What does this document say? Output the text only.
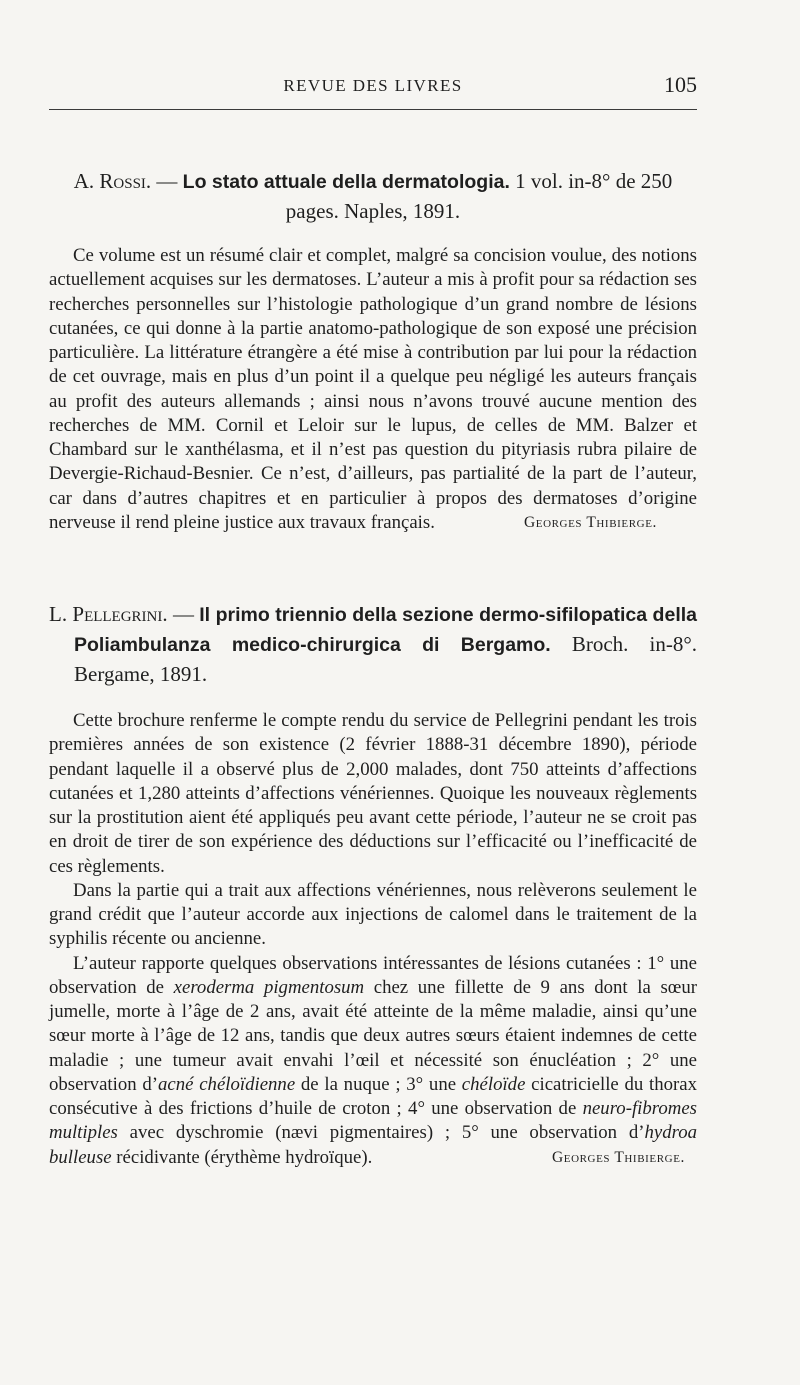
REVUE DES LIVRES	105
A. Rossi. — Lo stato attuale della dermatologia. 1 vol. in-8° de 250 pages. Naples, 1891.

Ce volume est un résumé clair et complet, malgré sa concision voulue, des notions actuellement acquises sur les dermatoses. L’auteur a mis à profit pour sa rédaction ses recherches personnelles sur l’histologie pathologique d’un grand nombre de lésions cutanées, ce qui donne à la partie anatomo-pathologique de son exposé une précision particulière. La littérature étrangère a été mise à contribution par lui pour la rédaction de cet ouvrage, mais en plus d’un point il a quelque peu négligé les auteurs français au profit des auteurs allemands ; ainsi nous n’avons trouvé aucune mention des recherches de MM. Cornil et Leloir sur le lupus, de celles de MM. Balzer et Chambard sur le xanthélasma, et il n’est pas question du pityriasis rubra pilaire de Devergie-Richaud-Besnier. Ce n’est, d’ailleurs, pas partialité de la part de l’auteur, car dans d’autres chapitres et en particulier à propos des dermatoses d’origine nerveuse il rend pleine justice aux travaux français.	Georges Thibierge.

L. Pellegrini. — Il primo triennio della sezione dermo-sifilopatica della Poliambulanza medico-chirurgica di Bergamo. Broch. in-8°. Bergame, 1891.

Cette brochure renferme le compte rendu du service de Pellegrini pendant les trois premières années de son existence (2 février 1888-31 décembre 1890), période pendant laquelle il a observé plus de 2,000 malades, dont 750 atteints d’affections cutanées et 1,280 atteints d’affections vénériennes. Quoique les nouveaux règlements sur la prostitution aient été appliqués peu avant cette période, l’auteur ne se croit pas en droit de tirer de son expérience des déductions sur l’efficacité ou l’inefficacité de ces règlements.

Dans la partie qui a trait aux affections vénériennes, nous relèverons seulement le grand crédit que l’auteur accorde aux injections de calomel dans le traitement de la syphilis récente ou ancienne.

L’auteur rapporte quelques observations intéressantes de lésions cutanées : 1° une observation de xeroderma pigmentosum chez une fillette de 9 ans dont la sœur jumelle, morte à l’âge de 2 ans, avait été atteinte de la même maladie, ainsi qu’une sœur morte à l’âge de 12 ans, tandis que deux autres sœurs étaient indemnes de cette maladie ; une tumeur avait envahi l’œil et nécessité son énucléation ; 2° une observation d’acné chéloïdienne de la nuque ; 3° une chéloïde cicatricielle du thorax consécutive à des frictions d’huile de croton ; 4° une observation de neuro-fibromes multiples avec dyschromie (nævi pigmentaires) ; 5° une observation d’hydroa bulleuse récidivante (érythème hydroïque).	Georges Thibierge.
